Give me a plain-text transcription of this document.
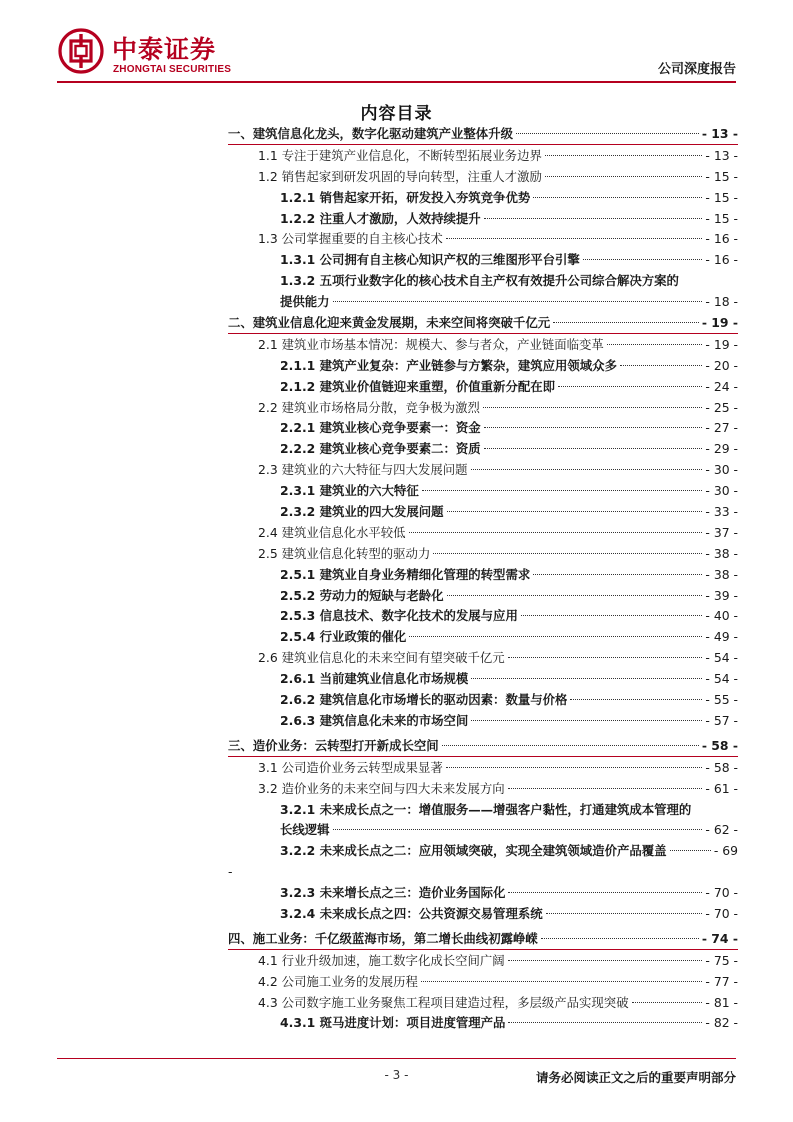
中泰证券
ZHONGTAI SECURITIES	公司深度报告
内容目录
一、建筑信息化龙头，数字化驱动建筑产业整体升级	- 13 -
1.1 专注于建筑产业信息化，不断转型拓展业务边界	- 13 -
1.2 销售起家到研发巩固的导向转型，注重人才激励	- 15 -
1.2.1 销售起家开拓，研发投入夯筑竞争优势	- 15 -
1.2.2 注重人才激励，人效持续提升	- 15 -
1.3 公司掌握重要的自主核心技术	- 16 -
1.3.1 公司拥有自主核心知识产权的三维图形平台引擎	- 16 -
1.3.2 五项行业数字化的核心技术自主产权有效提升公司综合解决方案的
提供能力	- 18 -
二、建筑业信息化迎来黄金发展期，未来空间将突破千亿元	- 19 -
2.1 建筑业市场基本情况：规模大、参与者众，产业链面临变革	- 19 -
2.1.1 建筑产业复杂：产业链参与方繁杂，建筑应用领域众多	- 20 -
2.1.2 建筑业价值链迎来重塑，价值重新分配在即	- 24 -
2.2 建筑业市场格局分散，竞争极为激烈	- 25 -
2.2.1 建筑业核心竞争要素一：资金	- 27 -
2.2.2 建筑业核心竞争要素二：资质	- 29 -
2.3 建筑业的六大特征与四大发展问题	- 30 -
2.3.1 建筑业的六大特征	- 30 -
2.3.2 建筑业的四大发展问题	- 33 -
2.4 建筑业信息化水平较低	- 37 -
2.5 建筑业信息化转型的驱动力	- 38 -
2.5.1 建筑业自身业务精细化管理的转型需求	- 38 -
2.5.2 劳动力的短缺与老龄化	- 39 -
2.5.3 信息技术、数字化技术的发展与应用	- 40 -
2.5.4 行业政策的催化	- 49 -
2.6 建筑业信息化的未来空间有望突破千亿元	- 54 -
2.6.1 当前建筑业信息化市场规模	- 54 -
2.6.2 建筑信息化市场增长的驱动因素：数量与价格	- 55 -
2.6.3 建筑信息化未来的市场空间	- 57 -
三、造价业务：云转型打开新成长空间	- 58 -
3.1 公司造价业务云转型成果显著	- 58 -
3.2 造价业务的未来空间与四大未来发展方向	- 61 -
3.2.1 未来成长点之一：增值服务——增强客户黏性，打通建筑成本管理的
长线逻辑	- 62 -
3.2.2 未来成长点之二：应用领域突破，实现全建筑领域造价产品覆盖	- 69
-
3.2.3 未来增长点之三：造价业务国际化	- 70 -
3.2.4 未来成长点之四：公共资源交易管理系统	- 70 -
四、施工业务：千亿级蓝海市场，第二增长曲线初露峥嵘	- 74 -
4.1 行业升级加速，施工数字化成长空间广阔	- 75 -
4.2 公司施工业务的发展历程	- 77 -
4.3 公司数字施工业务聚焦工程项目建造过程，多层级产品实现突破	- 81 -
4.3.1 斑马进度计划：项目进度管理产品	- 82 -
- 3 -	请务必阅读正文之后的重要声明部分
